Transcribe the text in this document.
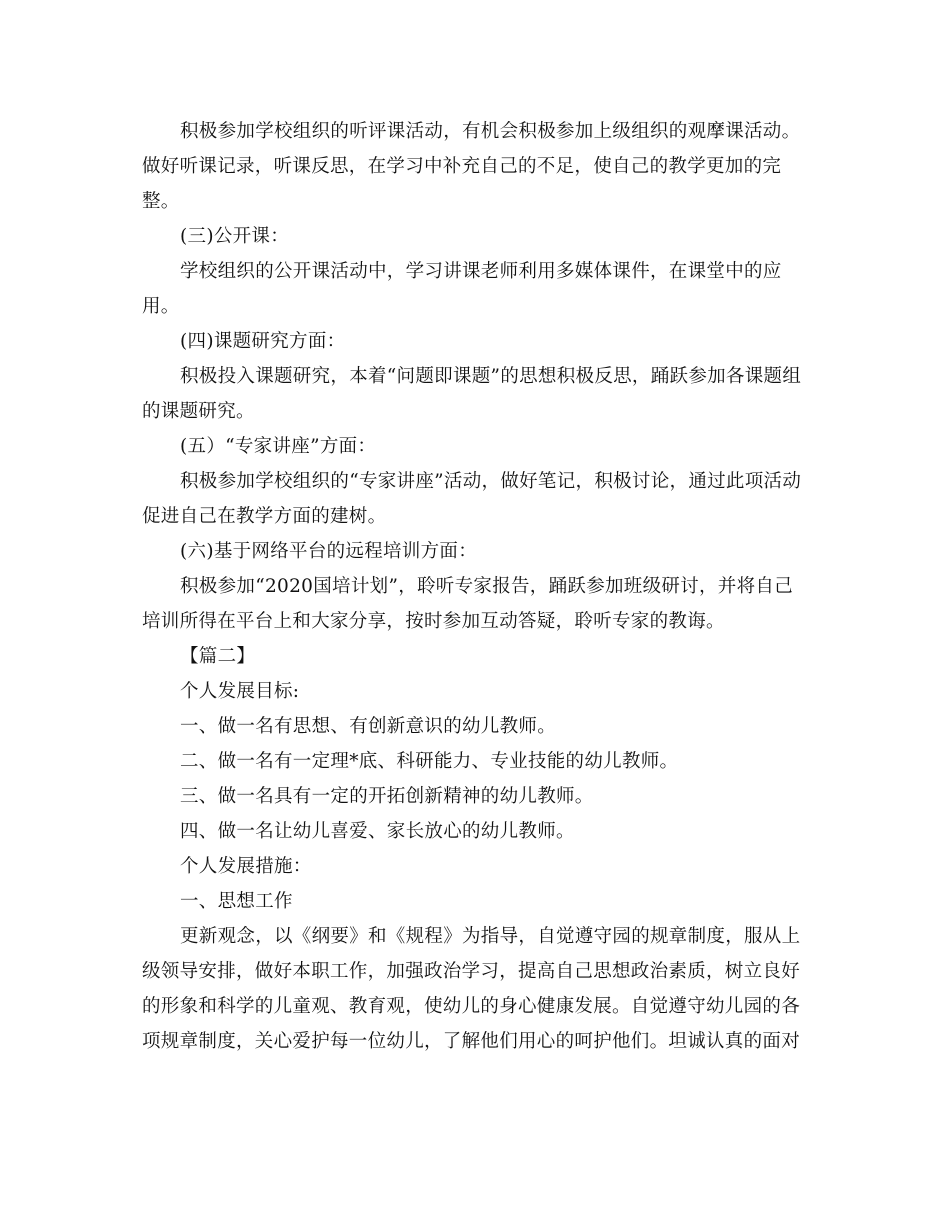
积极参加学校组织的听评课活动，有机会积极参加上级组织的观摩课活动。做好听课记录，听课反思，在学习中补充自己的不足，使自己的教学更加的完整。

(三)公开课：

学校组织的公开课活动中，学习讲课老师利用多媒体课件，在课堂中的应用。

(四)课题研究方面：

积极投入课题研究，本着“问题即课题”的思想积极反思，踊跃参加各课题组的课题研究。

(五）“专家讲座”方面：

积极参加学校组织的“专家讲座”活动，做好笔记，积极讨论，通过此项活动促进自己在教学方面的建树。

(六)基于网络平台的远程培训方面：

积极参加“2020国培计划”，聆听专家报告，踊跃参加班级研讨，并将自己培训所得在平台上和大家分享，按时参加互动答疑，聆听专家的教诲。

【篇二】

个人发展目标:

一、做一名有思想、有创新意识的幼儿教师。

二、做一名有一定理*底、科研能力、专业技能的幼儿教师。

三、做一名具有一定的开拓创新精神的幼儿教师。

四、做一名让幼儿喜爱、家长放心的幼儿教师。

个人发展措施：

一、思想工作

更新观念，以《纲要》和《规程》为指导，自觉遵守园的规章制度，服从上级领导安排，做好本职工作，加强政治学习，提高自己思想政治素质，树立良好的形象和科学的儿童观、教育观，使幼儿的身心健康发展。自觉遵守幼儿园的各项规章制度，关心爱护每一位幼儿，了解他们用心的呵护他们。坦诚认真的面对
